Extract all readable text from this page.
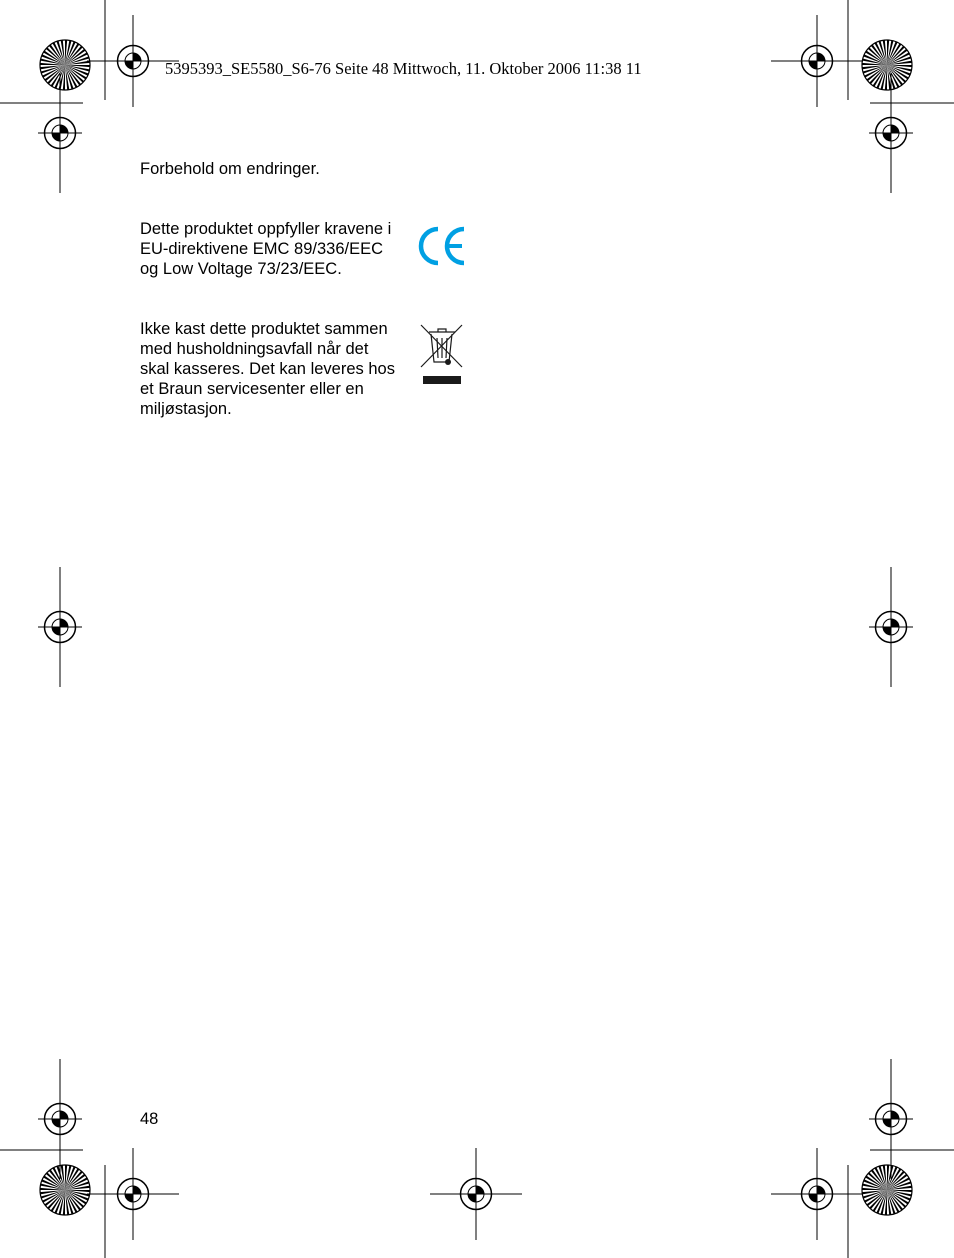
5395393_SE5580_S6-76 Seite 48 Mittwoch, 11. Oktober 2006 11:38 11

Forbehold om endringer.

Dette produktet oppfyller kravene i
EU-direktivene EMC 89/336/EEC
og Low Voltage 73/23/EEC.
Ikke kast dette produktet sammen
med husholdningsavfall når det
skal kasseres. Det kan leveres hos
et Braun servicesenter eller en
miljøstasjon.

48
